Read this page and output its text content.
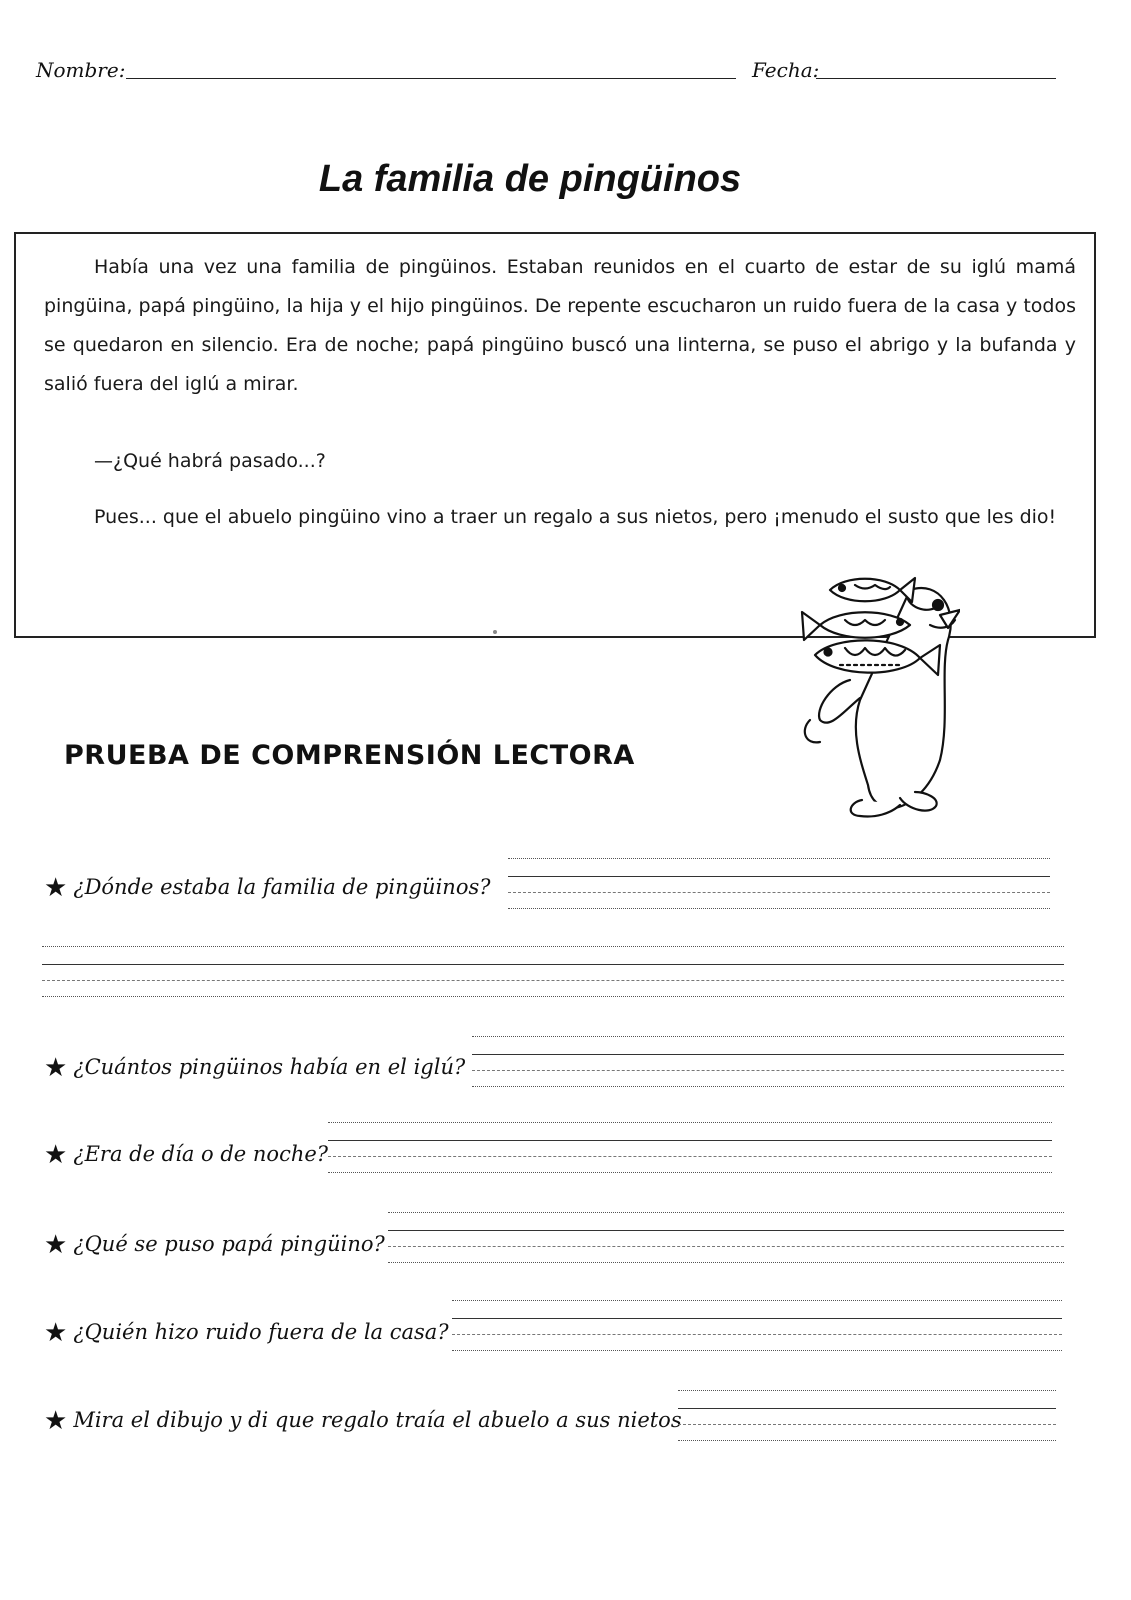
Nombre:	Fecha:
La familia de pingüinos
Había una vez una familia de pingüinos. Estaban reunidos en el cuarto de estar de su iglú mamá pingüina, papá pingüino, la hija y el hijo pingüinos. De repente escucharon un ruido fuera de la casa y todos se quedaron en silencio. Era de noche; papá pingüino buscó una linterna, se puso el abrigo y la bufanda y salió fuera del iglú a mirar.
—¿Qué habrá pasado...?
Pues... que el abuelo pingüino vino a traer un regalo a sus nietos, pero ¡menudo el susto que les dio!
PRUEBA DE COMPRENSIÓN LECTORA
★ ¿Dónde estaba la familia de pingüinos?
★ ¿Cuántos pingüinos había en el iglú?
★ ¿Era de día o de noche?
★ ¿Qué se puso papá pingüino?
★ ¿Quién hizo ruido fuera de la casa?
★ Mira el dibujo y di que regalo traía el abuelo a sus nietos
